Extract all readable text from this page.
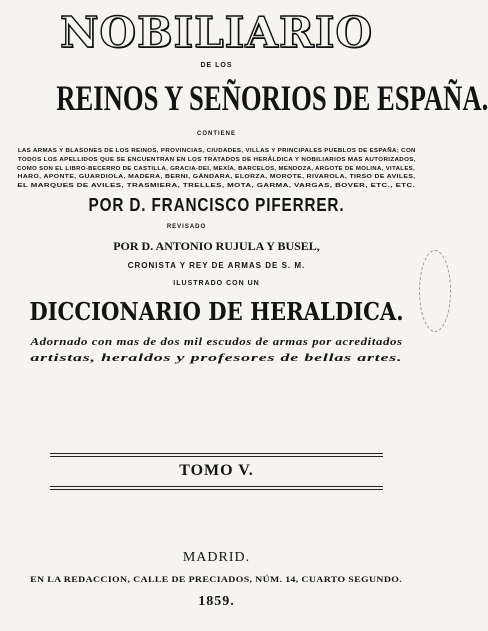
NOBILIARIO
DE LOS
REINOS Y SEÑORIOS DE ESPAÑA.
CONTIENE
LAS ARMAS Y BLASONES DE LOS REINOS, PROVINCIAS, CIUDADES, VILLAS Y PRINCIPALES PUEBLOS DE ESPAÑA; CON
TODOS LOS APELLIDOS QUE SE ENCUENTRAN EN LOS TRATADOS DE HERÁLDICA Y NOBILIARIOS MAS AUTORIZADOS,
COMO SON EL LIBRO-BECERRO DE CASTILLA, GRACIA-DEI, MEXÍA, BARCELOS, MENDOZA, ARGOTE DE MOLINA, VITALES,
HARO, APONTE, GUARDIOLA, MADERA, BERNI, GÁNDARA, ELORZA, MOROTE, RIVAROLA, TIRSO DE AVILES,
EL MARQUES DE AVILES, TRASMIERA, TRELLES, MOTA, GARMA, VARGAS, BOVER, ETC., ETC.
POR D. FRANCISCO PIFERRER.
REVISADO
POR D. ANTONIO RUJULA Y BUSEL,
CRONISTA Y REY DE ARMAS DE S. M.
ILUSTRADO CON UN
DICCIONARIO DE HERALDICA.
Adornado con mas de dos mil escudos de armas por acreditados
artistas, heraldos y profesores de bellas artes.
TOMO V.
MADRID.
EN LA REDACCION, CALLE DE PRECIADOS, NÚM. 14, CUARTO SEGUNDO.
1859.
